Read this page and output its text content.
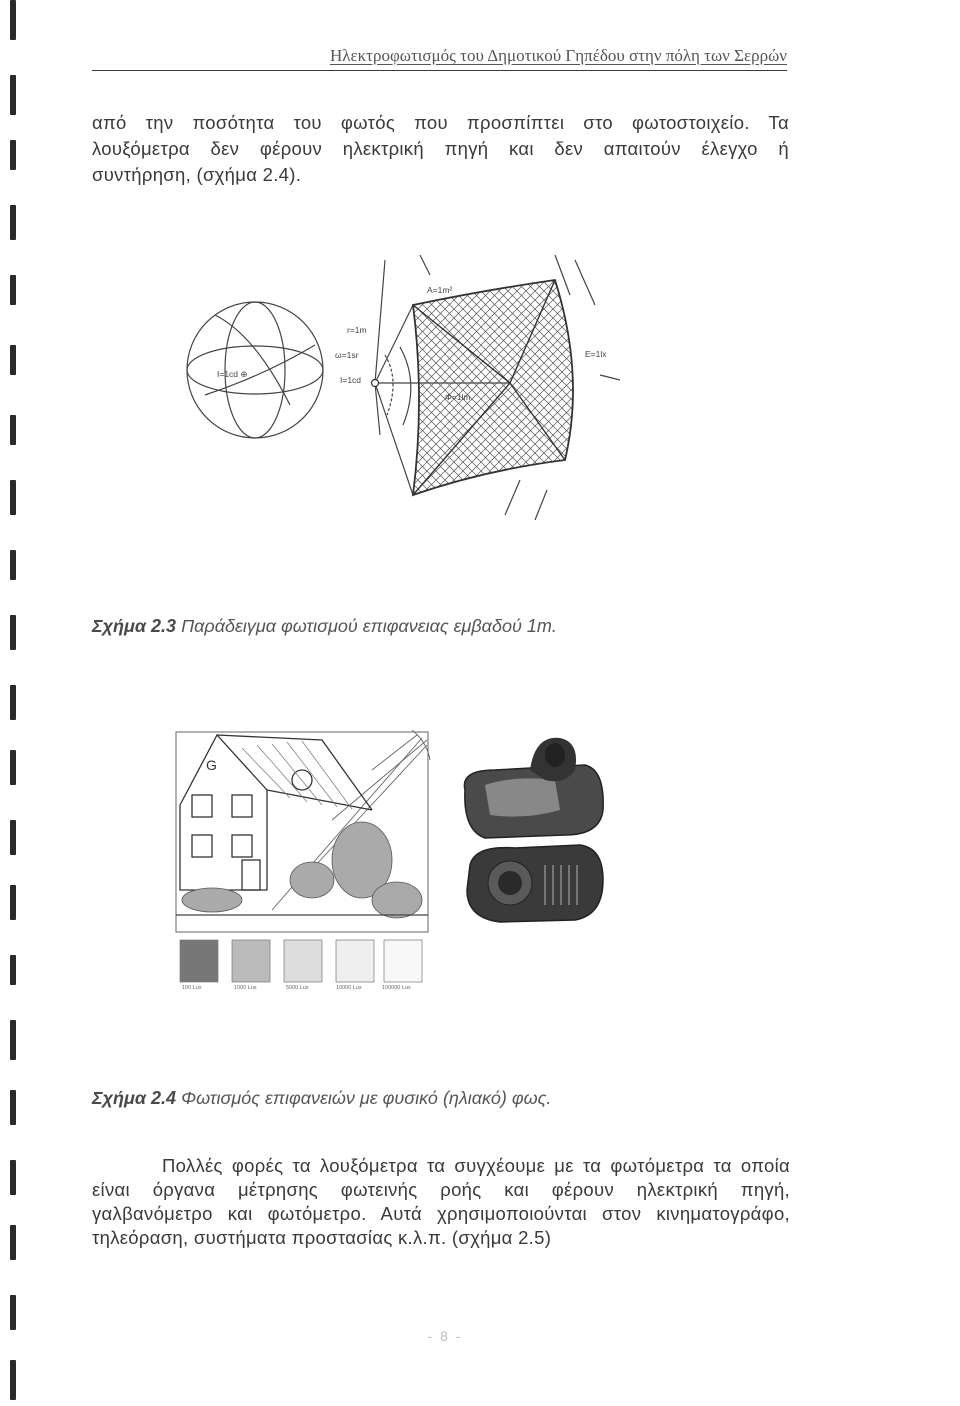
Ηλεκτροφωτισμός του Δημοτικού Γηπέδου στην πόλη των Σερρών
από την ποσότητα του φωτός που προσπίπτει στο φωτοστοιχείο. Τα
λουξόμετρα δεν φέρουν ηλεκτρική πηγή και δεν απαιτούν έλεγχο ή
συντήρηση, (σχήμα 2.4).
A=1m²
r=1m
ω=1sr
I=1cd
Φ=1lm
E=1lx
I=1cd ⊕
Σχήμα 2.3 Παράδειγμα φωτισμού επιφανειας εμβαδού 1m.
G
100 Lux	1000 Lux	5000 Lux	10000 Lux	100000 Lux
Σχήμα 2.4 Φωτισμός επιφανειών με φυσικό (ηλιακό) φως.
Πολλές φορές τα λουξόμετρα τα συγχέουμε με τα φωτόμετρα τα οποία
είναι όργανα μέτρησης φωτεινής ροής και φέρουν ηλεκτρική πηγή,
γαλβανόμετρο και φωτόμετρο. Αυτά χρησιμοποιούνται στον κινηματογράφο,
τηλεόραση, συστήματα προστασίας κ.λ.π. (σχήμα 2.5)
- 8 -
